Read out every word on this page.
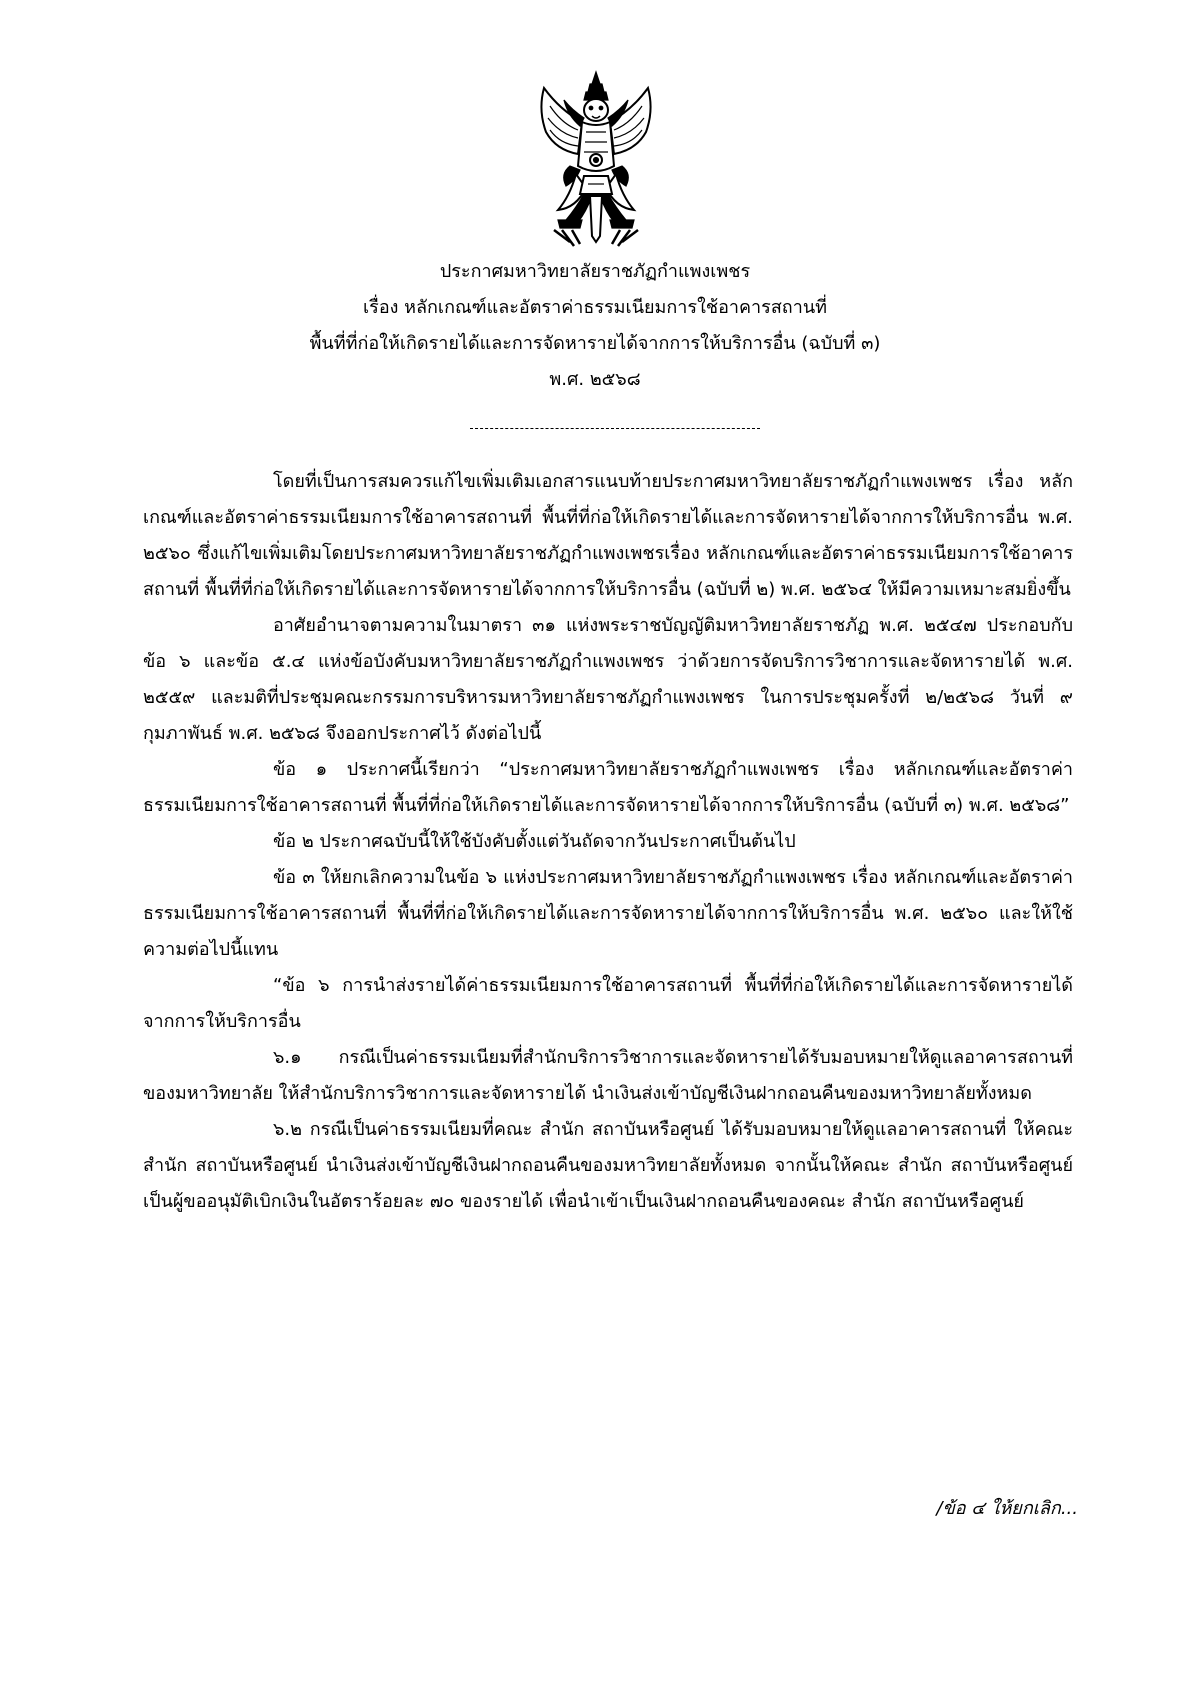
ประกาศมหาวิทยาลัยราชภัฏกำแพงเพชร
เรื่อง หลักเกณฑ์และอัตราค่าธรรมเนียมการใช้อาคารสถานที่
พื้นที่ที่ก่อให้เกิดรายได้และการจัดหารายได้จากการให้บริการอื่น (ฉบับที่ ๓)
พ.ศ. ๒๕๖๘

โดยที่เป็นการสมควรแก้ไขเพิ่มเติมเอกสารแนบท้ายประกาศมหาวิทยาลัยราชภัฏกำแพงเพชร เรื่อง หลักเกณฑ์และอัตราค่าธรรมเนียมการใช้อาคารสถานที่ พื้นที่ที่ก่อให้เกิดรายได้และการจัดหารายได้จากการให้บริการอื่น พ.ศ. ๒๕๖๐ ซึ่งแก้ไขเพิ่มเติมโดยประกาศมหาวิทยาลัยราชภัฏกำแพงเพชรเรื่อง หลักเกณฑ์และอัตราค่าธรรมเนียมการใช้อาคารสถานที่ พื้นที่ที่ก่อให้เกิดรายได้และการจัดหารายได้จากการให้บริการอื่น (ฉบับที่ ๒) พ.ศ. ๒๕๖๔ ให้มีความเหมาะสมยิ่งขึ้น

อาศัยอำนาจตามความในมาตรา ๓๑ แห่งพระราชบัญญัติมหาวิทยาลัยราชภัฏ พ.ศ. ๒๕๔๗ ประกอบกับข้อ ๖ และข้อ ๕.๔ แห่งข้อบังคับมหาวิทยาลัยราชภัฏกำแพงเพชร ว่าด้วยการจัดบริการวิชาการและจัดหารายได้ พ.ศ. ๒๕๕๙ และมติที่ประชุมคณะกรรมการบริหารมหาวิทยาลัยราชภัฏกำแพงเพชร ในการประชุมครั้งที่ ๒/๒๕๖๘ วันที่ ๙ กุมภาพันธ์ พ.ศ. ๒๕๖๘ จึงออกประกาศไว้ ดังต่อไปนี้

ข้อ ๑ ประกาศนี้เรียกว่า “ประกาศมหาวิทยาลัยราชภัฏกำแพงเพชร เรื่อง หลักเกณฑ์และอัตราค่าธรรมเนียมการใช้อาคารสถานที่ พื้นที่ที่ก่อให้เกิดรายได้และการจัดหารายได้จากการให้บริการอื่น (ฉบับที่ ๓) พ.ศ. ๒๕๖๘”

ข้อ ๒ ประกาศฉบับนี้ให้ใช้บังคับตั้งแต่วันถัดจากวันประกาศเป็นต้นไป

ข้อ ๓ ให้ยกเลิกความในข้อ ๖ แห่งประกาศมหาวิทยาลัยราชภัฏกำแพงเพชร เรื่อง หลักเกณฑ์และอัตราค่าธรรมเนียมการใช้อาคารสถานที่ พื้นที่ที่ก่อให้เกิดรายได้และการจัดหารายได้จากการให้บริการอื่น พ.ศ. ๒๕๖๐ และให้ใช้ความต่อไปนี้แทน

“ข้อ ๖ การนำส่งรายได้ค่าธรรมเนียมการใช้อาคารสถานที่ พื้นที่ที่ก่อให้เกิดรายได้และการจัดหารายได้จากการให้บริการอื่น

๖.๑ กรณีเป็นค่าธรรมเนียมที่สำนักบริการวิชาการและจัดหารายได้รับมอบหมายให้ดูแลอาคารสถานที่ของมหาวิทยาลัย ให้สำนักบริการวิชาการและจัดหารายได้ นำเงินส่งเข้าบัญชีเงินฝากถอนคืนของมหาวิทยาลัยทั้งหมด

๖.๒ กรณีเป็นค่าธรรมเนียมที่คณะ สำนัก สถาบันหรือศูนย์ ได้รับมอบหมายให้ดูแลอาคารสถานที่ ให้คณะ สำนัก สถาบันหรือศูนย์ นำเงินส่งเข้าบัญชีเงินฝากถอนคืนของมหาวิทยาลัยทั้งหมด จากนั้นให้คณะ สำนัก สถาบันหรือศูนย์ เป็นผู้ขออนุมัติเบิกเงินในอัตราร้อยละ ๗๐ ของรายได้ เพื่อนำเข้าเป็นเงินฝากถอนคืนของคณะ สำนัก สถาบันหรือศูนย์

/ข้อ ๔ ให้ยกเลิก...
